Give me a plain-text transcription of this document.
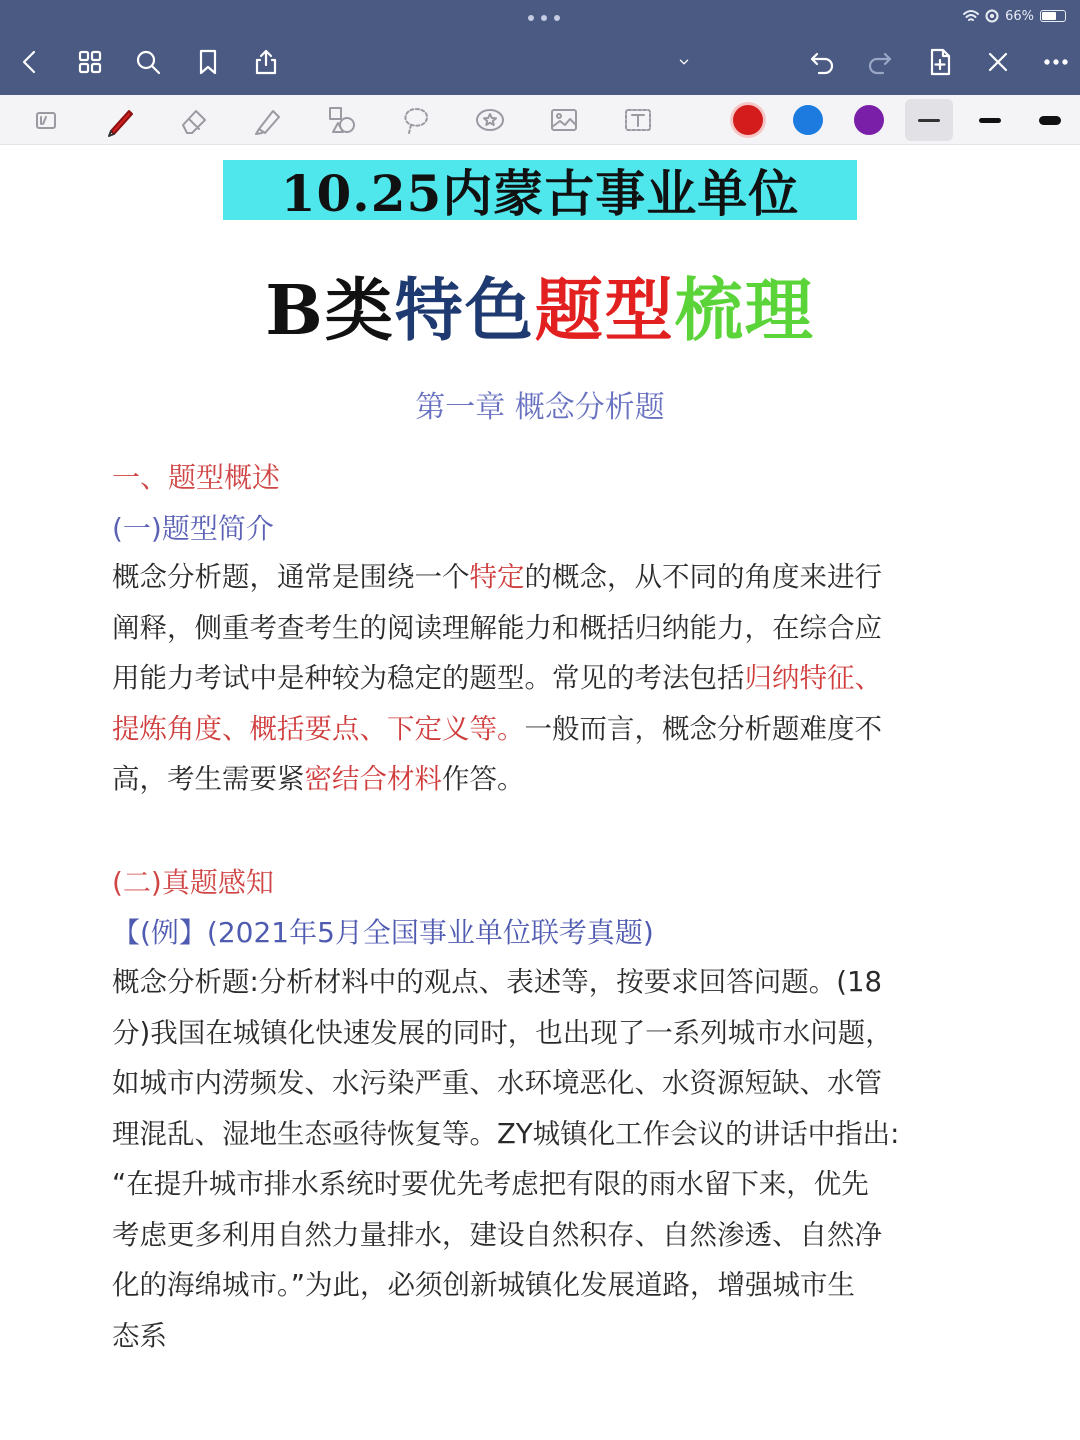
66%
10.25内蒙古事业单位
B类特色题型梳理
第一章 概念分析题
一、题型概述
(一)题型简介
概念分析题，通常是围绕一个特定的概念，从不同的角度来进行
阐释，侧重考查考生的阅读理解能力和概括归纳能力，在综合应
用能力考试中是种较为稳定的题型。常见的考法包括归纳特征、
提炼角度、概括要点、下定义等。一般而言，概念分析题难度不
高，考生需要紧密结合材料作答。
(二)真题感知
【(例】(2021年5月全国事业单位联考真题)
概念分析题:分析材料中的观点、表述等，按要求回答问题。(18
分)我国在城镇化快速发展的同时，也出现了一系列城市水问题，
如城市内涝频发、水污染严重、水环境恶化、水资源短缺、水管
理混乱、湿地生态亟待恢复等。ZY城镇化工作会议的讲话中指出:
“在提升城市排水系统时要优先考虑把有限的雨水留下来，优先
考虑更多利用自然力量排水，建设自然积存、自然渗透、自然净
化的海绵城市。”为此，必须创新城镇化发展道路，增强城市生
态系
